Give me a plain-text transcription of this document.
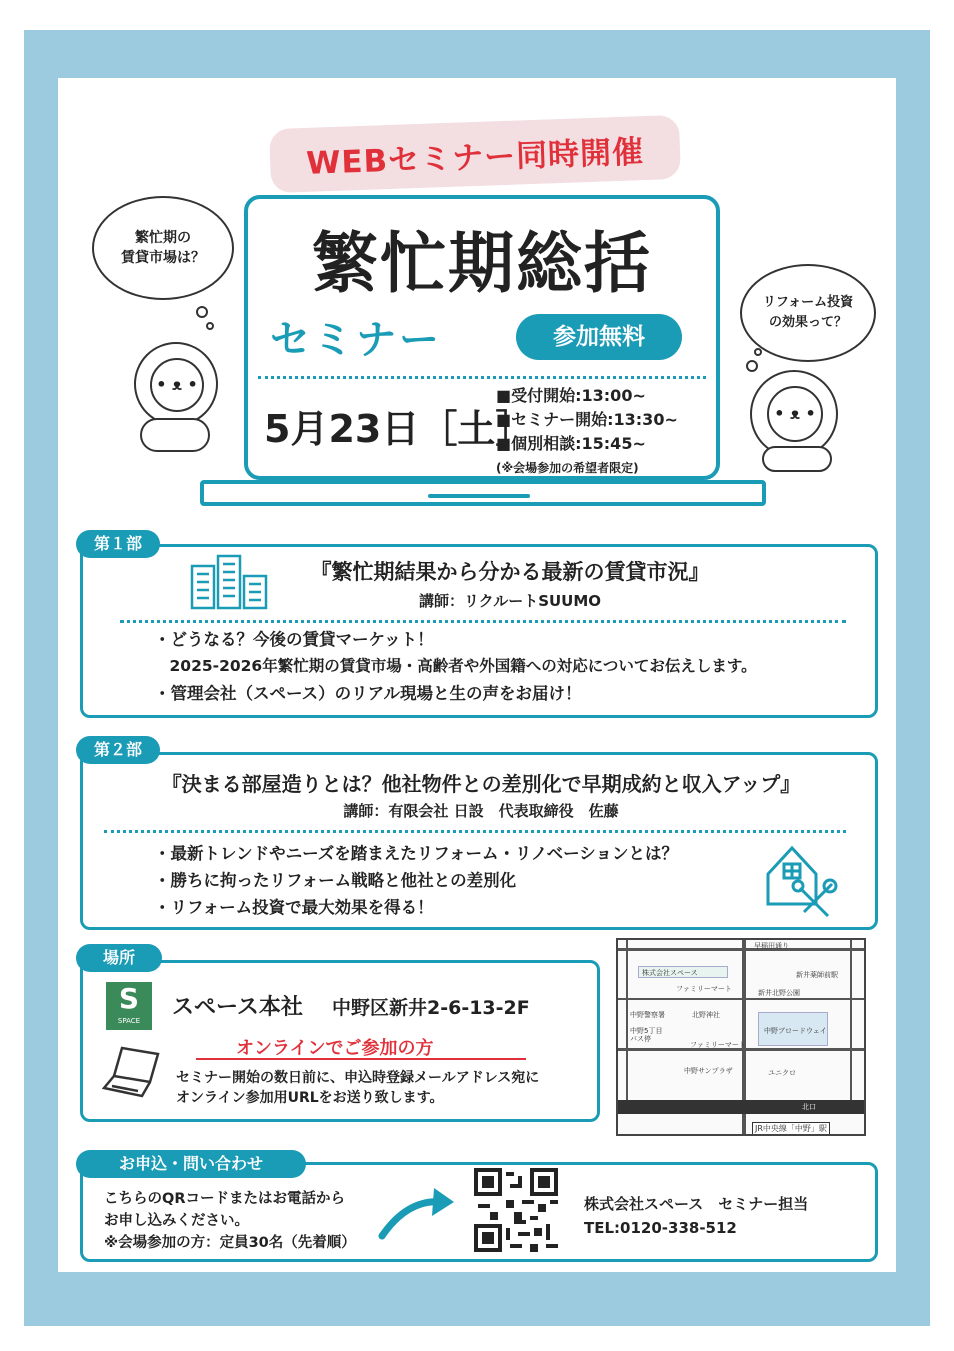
WEBセミナー同時開催
繁忙期の
賃貸市場は？
リフォーム投資
の効果って？
• ᴥ •
• ᴥ •
繁忙期総括
セミナー	参加無料
5月23日［土］
■受付開始:13:00~
■セミナー開始:13:30~
■個別相談:15:45~
(※会場参加の希望者限定)
第１部
『繁忙期結果から分かる最新の賃貸市況』
講師：リクルートSUUMO
・どうなる？今後の賃貸マーケット！
　2025-2026年繁忙期の賃貸市場・高齢者や外国籍への対応についてお伝えします。
・管理会社（スペース）のリアル現場と生の声をお届け！
第２部
『決まる部屋造りとは？他社物件との差別化で早期成約と収入アップ』
講師：有限会社 日設　代表取締役　佐藤
・最新トレンドやニーズを踏まえたリフォーム・リノベーションとは？
・勝ちに拘ったリフォーム戦略と他社との差別化
・リフォーム投資で最大効果を得る！
場所
S
SPACE
スペース本社 中野区新井2-6-13-2F
オンラインでご参加の方
セミナー開始の数日前に、申込時登録メールアドレス宛に
オンライン参加用URLをお送り致します。
早稲田通り
株式会社スペース	新井薬師前駅
ファミリーマート	新井北野公園
中野5丁目
バス停
中野サンプラザ
中野ブロードウェイ
ユニクロ
北口
JR中央線「中野」駅
中野警察署	北野神社
ファミリーマート
お申込・問い合わせ
こちらのQRコードまたはお電話から
お申し込みください。
※会場参加の方：定員30名（先着順）
株式会社スペース　セミナー担当
TEL:0120-338-512
